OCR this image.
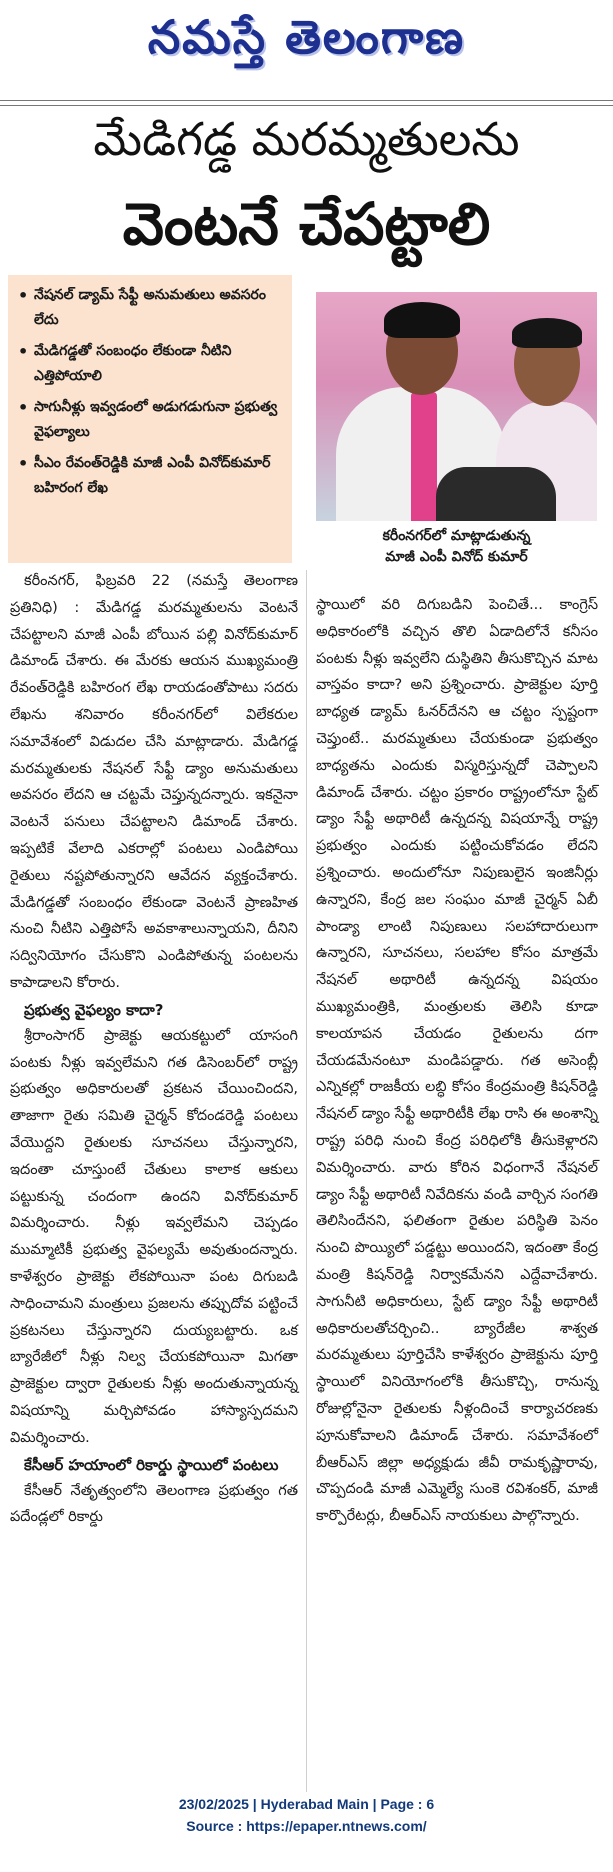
నమస్తే తెలంగాణ
మేడిగడ్డ మరమ్మతులను
వెంటనే చేపట్టాలి
• నేషనల్ డ్యామ్ సేఫ్టీ అనుమతులు అవసరం లేదు
• మేడిగడ్డతో సంబంధం లేకుండా నీటిని ఎత్తిపోయాలి
• సాగునీళ్లు ఇవ్వడంలో అడుగడుగునా ప్రభుత్వ వైఫల్యాలు
• సీఎం రేవంత్‌రెడ్డికి మాజీ ఎంపీ వినోద్‌కుమార్ బహిరంగ లేఖ
కరీంనగర్‌లో మాట్లాడుతున్న
మాజీ ఎంపీ వినోద్ కుమార్

కరీంనగర్, ఫిబ్రవరి 22 (నమస్తే తెలంగాణ ప్రతినిధి) : మేడిగడ్డ మరమ్మతులను వెంటనే చేపట్టాలని మాజీ ఎంపీ బోయిన పల్లి వినోద్‌కుమార్ డిమాండ్ చేశారు. ఈ మేరకు ఆయన ముఖ్యమంత్రి రేవంత్‌రెడ్డికి బహిరంగ లేఖ రాయడంతోపాటు సదరు లేఖను శనివారం కరీంనగర్‌లో విలేకరుల సమావేశంలో విడుదల చేసి మాట్లాడారు. మేడిగడ్డ మరమ్మతులకు నేషనల్ సేఫ్టీ డ్యాం అనుమతులు అవసరం లేదని ఆ చట్టమే చెప్తున్నదన్నారు. ఇకనైనా వెంటనే పనులు చేపట్టాలని డిమాండ్ చేశారు. ఇప్పటికే వేలాది ఎకరాల్లో పంటలు ఎండిపోయి రైతులు నష్టపోతున్నారని ఆవేదన వ్యక్తంచేశారు. మేడిగడ్డతో సంబంధం లేకుండా వెంటనే ప్రాణహిత నుంచి నీటిని ఎత్తిపోసే అవకాశాలున్నాయని, దీనిని సద్వినియోగం చేసుకొని ఎండిపోతున్న పంటలను కాపాడాలని కోరారు.

ప్రభుత్వ వైఫల్యం కాదా?

శ్రీరాంసాగర్ ప్రాజెక్టు ఆయకట్టులో యాసంగి పంటకు నీళ్లు ఇవ్వలేమని గత డిసెంబర్‌లో రాష్ట్ర ప్రభుత్వం అధికారులతో ప్రకటన చేయించిందని, తాజాగా రైతు సమితి చైర్మన్ కోదండరెడ్డి పంటలు వేయొద్దని రైతులకు సూచనలు చేస్తున్నారని, ఇదంతా చూస్తుంటే చేతులు కాలాక ఆకులు పట్టుకున్న చందంగా ఉందని వినోద్‌కుమార్ విమర్శించారు. నీళ్లు ఇవ్వలేమని చెప్పడం ముమ్మాటికీ ప్రభుత్వ వైఫల్యమే అవుతుందన్నారు. కాళేశ్వరం ప్రాజెక్టు లేకపోయినా పంట దిగుబడి సాధించామని మంత్రులు ప్రజలను తప్పుదోవ పట్టించే ప్రకటనలు చేస్తున్నారని దుయ్యబట్టారు. ఒక బ్యారేజీలో నీళ్లు నిల్వ చేయకపోయినా మిగతా ప్రాజెక్టుల ద్వారా రైతులకు నీళ్లు అందుతున్నాయన్న విషయాన్ని మర్చిపోవడం హాస్యాస్పదమని విమర్శించారు.

కేసీఆర్ హయాంలో రికార్డు స్థాయిలో పంటలు

కేసీఆర్ నేతృత్వంలోని తెలంగాణ ప్రభుత్వం గత పదేండ్లలో రికార్డు

స్థాయిలో వరి దిగుబడిని పెంచితే... కాంగ్రెస్ అధికారంలోకి వచ్చిన తొలి ఏడాదిలోనే కనీసం పంటకు నీళ్లు ఇవ్వలేని దుస్థితిని తీసుకొచ్చిన మాట వాస్తవం కాదా? అని ప్రశ్నించారు. ప్రాజెక్టుల పూర్తి బాధ్యత డ్యామ్ ఓనర్‌దేనని ఆ చట్టం స్పష్టంగా చెప్తుంటే.. మరమ్మతులు చేయకుండా ప్రభుత్వం బాధ్యతను ఎందుకు విస్మరిస్తున్నదో చెప్పాలని డిమాండ్ చేశారు. చట్టం ప్రకారం రాష్ట్రంలోనూ స్టేట్ డ్యాం సేఫ్టీ అథారిటీ ఉన్నదన్న విషయాన్నే రాష్ట్ర ప్రభుత్వం ఎందుకు పట్టించుకోవడం లేదని ప్రశ్నించారు. అందులోనూ నిపుణులైన ఇంజినీర్లు ఉన్నారని, కేంద్ర జల సంఘం మాజీ చైర్మన్ ఏబీ పాండ్యా లాంటి నిపుణులు సలహాదారులుగా ఉన్నారని, సూచనలు, సలహాల కోసం మాత్రమే నేషనల్ అథారిటీ ఉన్నదన్న విషయం ముఖ్యమంత్రికి, మంత్రులకు తెలిసి కూడా కాలయాపన చేయడం రైతులను దగా చేయడమేనంటూ మండిపడ్డారు. గత అసెంబ్లీ ఎన్నికల్లో రాజకీయ లబ్ధి కోసం కేంద్రమంత్రి కిషన్‌రెడ్డి నేషనల్ డ్యాం సేఫ్టీ అథారిటీకి లేఖ రాసి ఈ అంశాన్ని రాష్ట్ర పరిధి నుంచి కేంద్ర పరిధిలోకి తీసుకెళ్లారని విమర్శించారు. వారు కోరిన విధంగానే నేషనల్ డ్యాం సేఫ్టీ అథారిటీ నివేదికను వండి వార్చిన సంగతి తెలిసిందేనని, ఫలితంగా రైతుల పరిస్థితి పెనం నుంచి పొయ్యిలో పడ్డట్టు అయిందని, ఇదంతా కేంద్ర మంత్రి కిషన్‌రెడ్డి నిర్వాకమేనని ఎద్దేవాచేశారు. సాగునీటి అధికారులు, స్టేట్ డ్యాం సేఫ్టీ అథారిటీ అధికారులతోచర్చించి.. బ్యారేజీల శాశ్వత మరమ్మతులు పూర్తిచేసి కాళేశ్వరం ప్రాజెక్టును పూర్తి స్థాయిలో వినియోగంలోకి తీసుకొచ్చి, రానున్న రోజుల్లోనైనా రైతులకు నీళ్లందించే కార్యాచరణకు పూనుకోవాలని డిమాండ్ చేశారు. సమావేశంలో బీఆర్ఎస్ జిల్లా అధ్యక్షుడు జీవీ రామకృష్ణారావు, చొప్పదండి మాజీ ఎమ్మెల్యే సుంకె రవిశంకర్, మాజీ కార్పొరేటర్లు, బీఆర్ఎస్ నాయకులు పాల్గొన్నారు.

23/02/2025 | Hyderabad Main | Page : 6
Source : https://epaper.ntnews.com/
